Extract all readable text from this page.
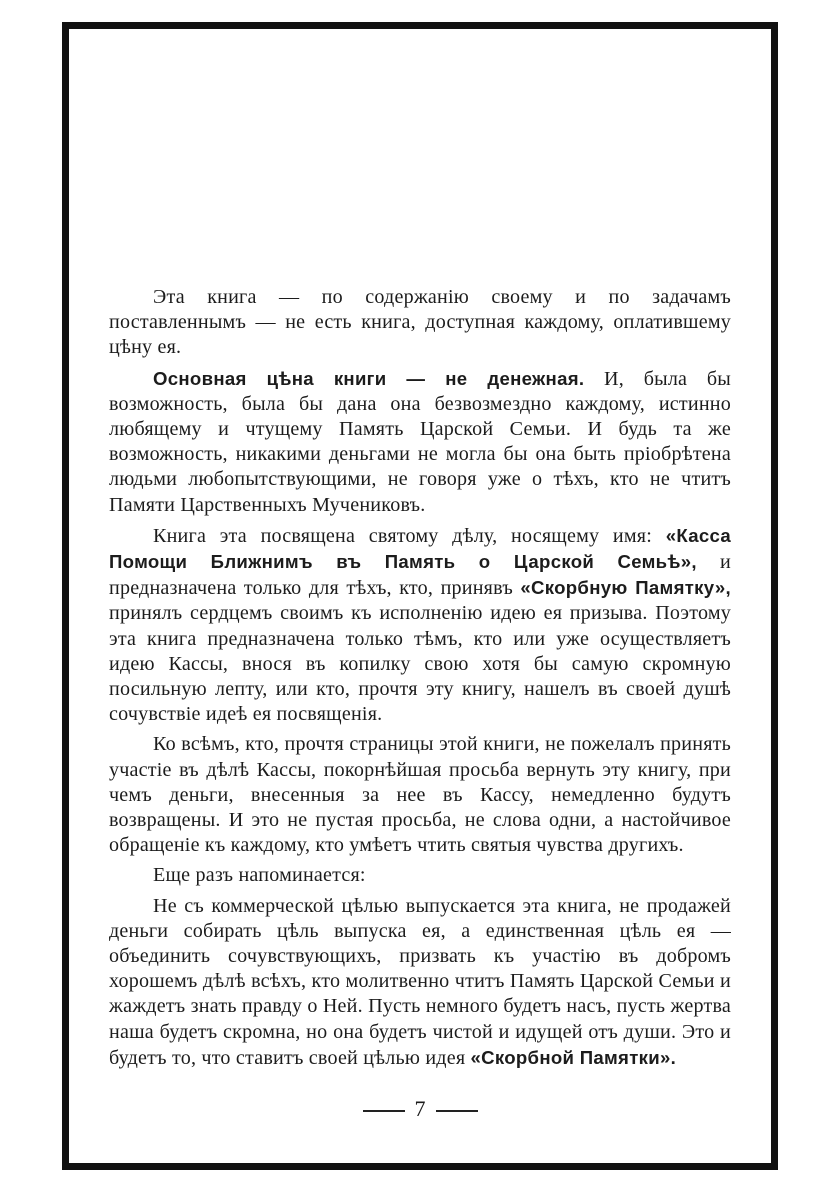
Эта книга — по содержанію своему и по задачамъ поставленнымъ — не есть книга, доступная каждому, оплатившему цѣну ея.

Основная цѣна книги — не денежная. И, была бы возможность, была бы дана она безвозмездно каждому, истинно любящему и чтущему Память Царской Семьи. И будь та же возможность, никакими деньгами не могла бы она быть пріобрѣтена людьми любопытствующими, не говоря уже о тѣхъ, кто не чтитъ Памяти Царственныхъ Мучениковъ.

Книга эта посвящена святому дѣлу, носящему имя: «Касса Помощи Ближнимъ въ Память о Царской Семьѣ», и предназначена только для тѣхъ, кто, принявъ «Скорбную Памятку», принялъ сердцемъ своимъ къ исполненію идею ея призыва. Поэтому эта книга предназначена только тѣмъ, кто или уже осуществляетъ идею Кассы, внося въ копилку свою хотя бы самую скромную посильную лепту, или кто, прочтя эту книгу, нашелъ въ своей душѣ сочувствіе идеѣ ея посвященія.

Ко всѣмъ, кто, прочтя страницы этой книги, не пожелалъ принять участіе въ дѣлѣ Кассы, покорнѣйшая просьба вернуть эту книгу, при чемъ деньги, внесенныя за нее въ Кассу, немедленно будутъ возвращены. И это не пустая просьба, не слова одни, а настойчивое обращеніе къ каждому, кто умѣетъ чтить святыя чувства другихъ.

Еще разъ напоминается:

Не съ коммерческой цѣлью выпускается эта книга, не продажей деньги собирать цѣль выпуска ея, а единственная цѣль ея — объединить сочувствующихъ, призвать къ участію въ добромъ хорошемъ дѣлѣ всѣхъ, кто молитвенно чтитъ Память Царской Семьи и жаждетъ знать правду о Ней. Пусть немного будетъ насъ, пусть жертва наша будетъ скромна, но она будетъ чистой и идущей отъ души. Это и будетъ то, что ставитъ своей цѣлью идея «Скорбной Памятки».

7
